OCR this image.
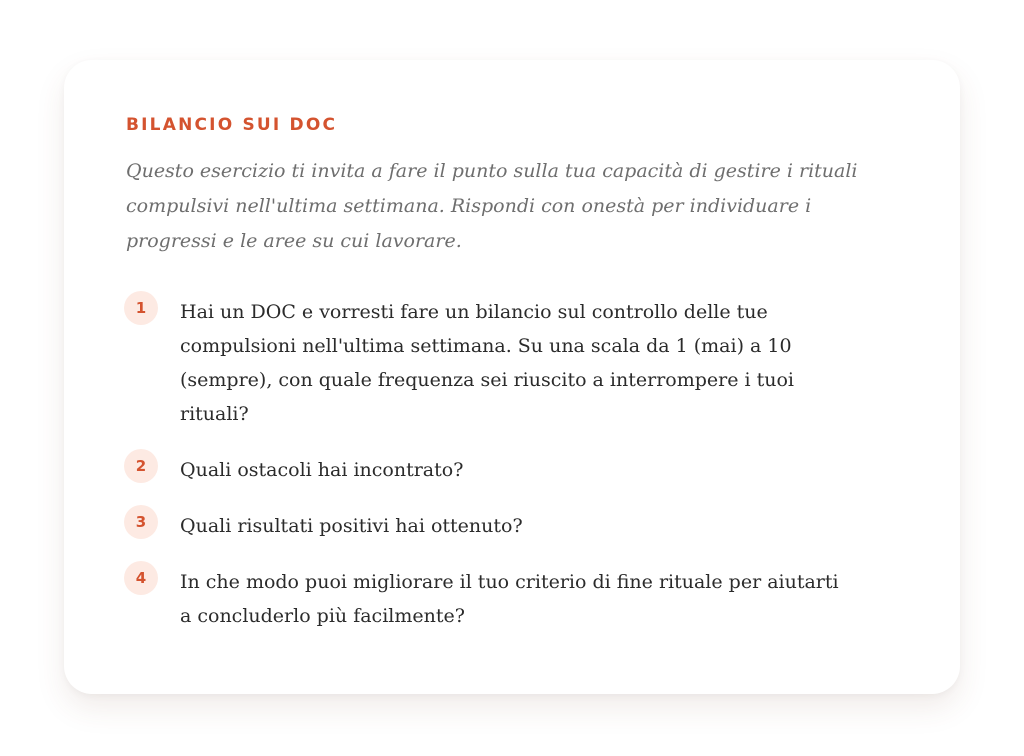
BILANCIO SUI DOC
Questo esercizio ti invita a fare il punto sulla tua capacità di gestire i rituali compulsivi nell'ultima settimana. Rispondi con onestà per individuare i progressi e le aree su cui lavorare.
1	Hai un DOC e vorresti fare un bilancio sul controllo delle tue compulsioni nell'ultima settimana. Su una scala da 1 (mai) a 10 (sempre), con quale frequenza sei riuscito a interrompere i tuoi rituali?
2	Quali ostacoli hai incontrato?
3	Quali risultati positivi hai ottenuto?
4	In che modo puoi migliorare il tuo criterio di fine rituale per aiutarti a concluderlo più facilmente?
